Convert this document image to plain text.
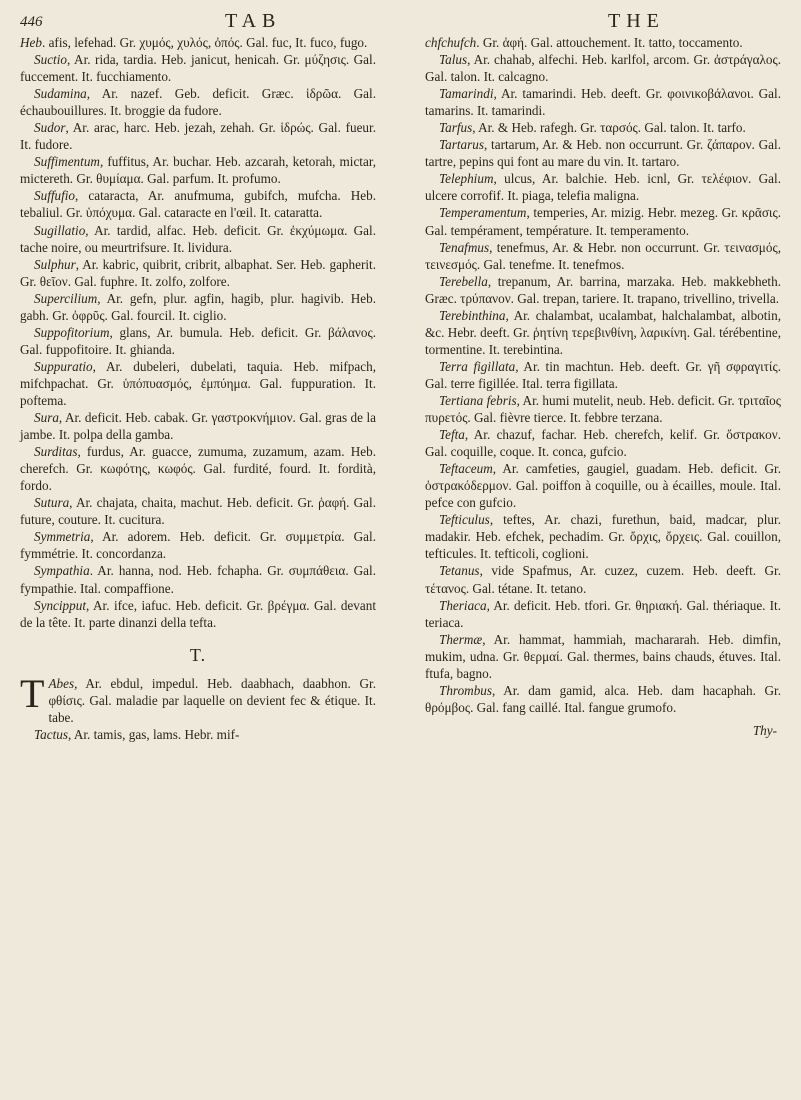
446	TAB	THE

Heb. afis, lefehad. Gr. χυμός, χυλός, ὀπός. Gal. fuc, It. fuco, fugo.

Suctio, Ar. rida, tardia. Heb. janicut, henicah. Gr. μύζησις. Gal. fuccement. It. fucchiamento.

Sudamina, Ar. nazef. Geb. deficit. Græc. ἱδρῶα. Gal. échaubouillures. It. broggie da fudore.

Sudor, Ar. arac, harc. Heb. jezah, zehah. Gr. ἱδρώς. Gal. fueur. It. fudore.

Suffimentum, fuffitus, Ar. buchar. Heb. azcarah, ketorah, mictar, mictereth. Gr. θυμίαμα. Gal. parfum. It. profumo.

Suffufio, cataracta, Ar. anufmuma, gubifch, mufcha. Heb. tebaliul. Gr. ὑπόχυμα. Gal. cataracte en l'œil. It. cataratta.

Sugillatio, Ar. tardid, alfac. Heb. deficit. Gr. ἐκχύμωμα. Gal. tache noire, ou meurtrifsure. It. lividura.

Sulphur, Ar. kabric, quibrit, cribrit, albaphat. Ser. Heb. gapherit. Gr. θεῖον. Gal. fuphre. It. zolfo, zolfore.

Supercilium, Ar. gefn, plur. agfin, hagib, plur. hagivib. Heb. gabh. Gr. ὀφρῦς. Gal. fourcil. It. ciglio.

Suppofitorium, glans, Ar. bumula. Heb. deficit. Gr. βάλανος. Gal. fuppofitoire. It. ghianda.

Suppuratio, Ar. dubeleri, dubelati, taquia. Heb. mifpach, mifchpachat. Gr. ὑπόπυασμός, ἐμπύημα. Gal. fuppuration. It. poftema.

Sura, Ar. deficit. Heb. cabak. Gr. γαστροκνήμιον. Gal. gras de la jambe. It. polpa della gamba.

Surditas, furdus, Ar. guacce, zumuma, zuzamum, azam. Heb. cherefch. Gr. κωφότης, κωφός. Gal. furdité, fourd. It. fordità, fordo.

Sutura, Ar. chajata, chaita, machut. Heb. deficit. Gr. ῥαφή. Gal. future, couture. It. cucitura.

Symmetria, Ar. adorem. Heb. deficit. Gr. συμμετρία. Gal. fymmétrie. It. concordanza.

Sympathia. Ar. hanna, nod. Heb. fchapha. Gr. συμπάθεια. Gal. fympathie. Ital. compaffione.

Syncipput, Ar. ifce, iafuc. Heb. deficit. Gr. βρέγμα. Gal. devant de la tête. It. parte dinanzi della tefta.

T.

T Abes, Ar. ebdul, impedul. Heb. daabhach, daabhon. Gr. φθίσις. Gal. maladie par laquelle on devient fec & étique. It. tabe.

Tactus, Ar. tamis, gas, lams. Hebr. mif-

chfchufch. Gr. ἁφή. Gal. attouchement. It. tatto, toccamento.

Talus, Ar. chahab, alfechi. Heb. karlfol, arcom. Gr. ἀστράγαλος. Gal. talon. It. calcagno.

Tamarindi, Ar. tamarindi. Heb. deeft. Gr. φοινικοβάλανοι. Gal. tamarins. It. tamarindi.

Tarfus, Ar. & Heb. rafegh. Gr. ταρσός. Gal. talon. It. tarfo.

Tartarus, tartarum, Ar. & Heb. non occurrunt. Gr. ζάπαρον. Gal. tartre, pepins qui font au mare du vin. It. tartaro.

Telephium, ulcus, Ar. balchie. Heb. icnl, Gr. τελέφιον. Gal. ulcere corrofif. It. piaga, telefia maligna.

Temperamentum, temperies, Ar. mizig. Hebr. mezeg. Gr. κρᾶσις. Gal. tempérament, température. It. temperamento.

Tenafmus, tenefmus, Ar. & Hebr. non occurrunt. Gr. τεινασμός, τεινεσμός. Gal. tenefme. It. tenefmos.

Terebella, trepanum, Ar. barrina, marzaka. Heb. makkebheth. Græc. τρύπανον. Gal. trepan, tariere. It. trapano, trivellino, trivella.

Terebinthina, Ar. chalambat, ucalambat, halchalambat, albotin, &c. Hebr. deeft. Gr. ῥητίνη τερεβινθίνη, λαρικίνη. Gal. térébentine, tormentine. It. terebintina.

Terra figillata, Ar. tin machtun. Heb. deeft. Gr. γῆ σφραγιτίς. Gal. terre figillée. Ital. terra figillata.

Tertiana febris, Ar. humi mutelit, neub. Heb. deficit. Gr. τριταῖος πυρετός. Gal. fièvre tierce. It. febbre terzana.

Tefta, Ar. chazuf, fachar. Heb. cherefch, kelif. Gr. ὄστρακον. Gal. coquille, coque. It. conca, gufcio.

Teftaceum, Ar. camfeties, gaugiel, guadam. Heb. deficit. Gr. ὀστρακόδερμον. Gal. poiffon à coquille, ou à écailles, moule. Ital. pefce con gufcio.

Tefticulus, teftes, Ar. chazi, furethun, baid, madcar, plur. madakir. Heb. efchek, pechadim. Gr. ὄρχις, ὄρχεις. Gal. couillon, tefticules. It. tefticoli, coglioni.

Tetanus, vide Spafmus, Ar. cuzez, cuzem. Heb. deeft. Gr. τέτανος. Gal. tétane. It. tetano.

Theriaca, Ar. deficit. Heb. tfori. Gr. θηριακή. Gal. thériaque. It. teriaca.

Thermæ, Ar. hammat, hammiah, machararah. Heb. dimfin, mukim, udna. Gr. θερμαί. Gal. thermes, bains chauds, étuves. Ital. ftufa, bagno.

Thrombus, Ar. dam gamid, alca. Heb. dam hacaphah. Gr. θρόμβος. Gal. fang caillé. Ital. fangue grumofo.

Thy-
